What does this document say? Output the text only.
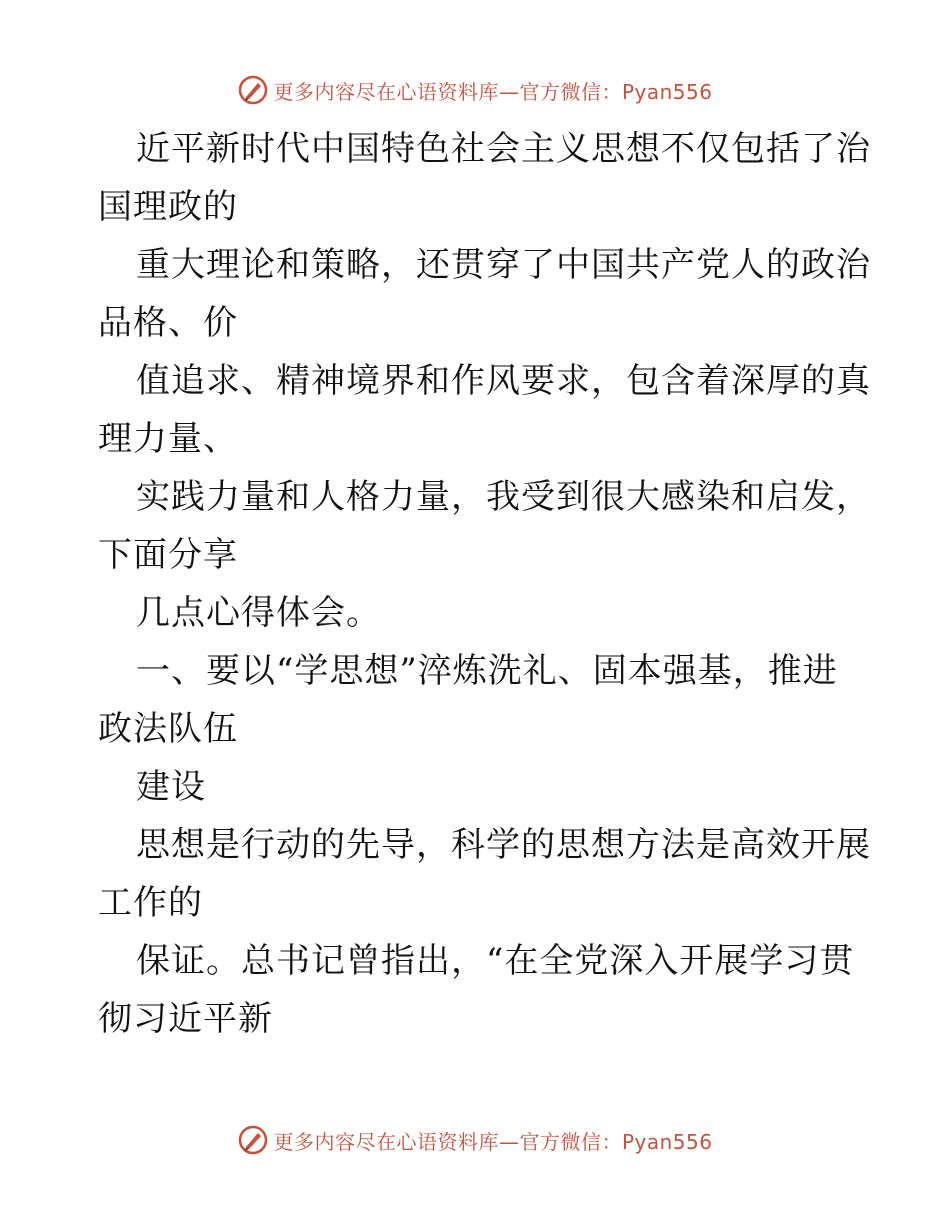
更多内容尽在心语资料库—官方微信：Pyan556
近平新时代中国特色社会主义思想不仅包括了治
国理政的
重大理论和策略，还贯穿了中国共产党人的政治
品格、价
值追求、精神境界和作风要求，包含着深厚的真
理力量、
实践力量和人格力量，我受到很大感染和启发，
下面分享
几点心得体会。
一、要以“学思想”淬炼洗礼、固本强基，推进
政法队伍
建设
思想是行动的先导，科学的思想方法是高效开展
工作的
保证。总书记曾指出，“在全党深入开展学习贯
彻习近平新
更多内容尽在心语资料库—官方微信：Pyan556
